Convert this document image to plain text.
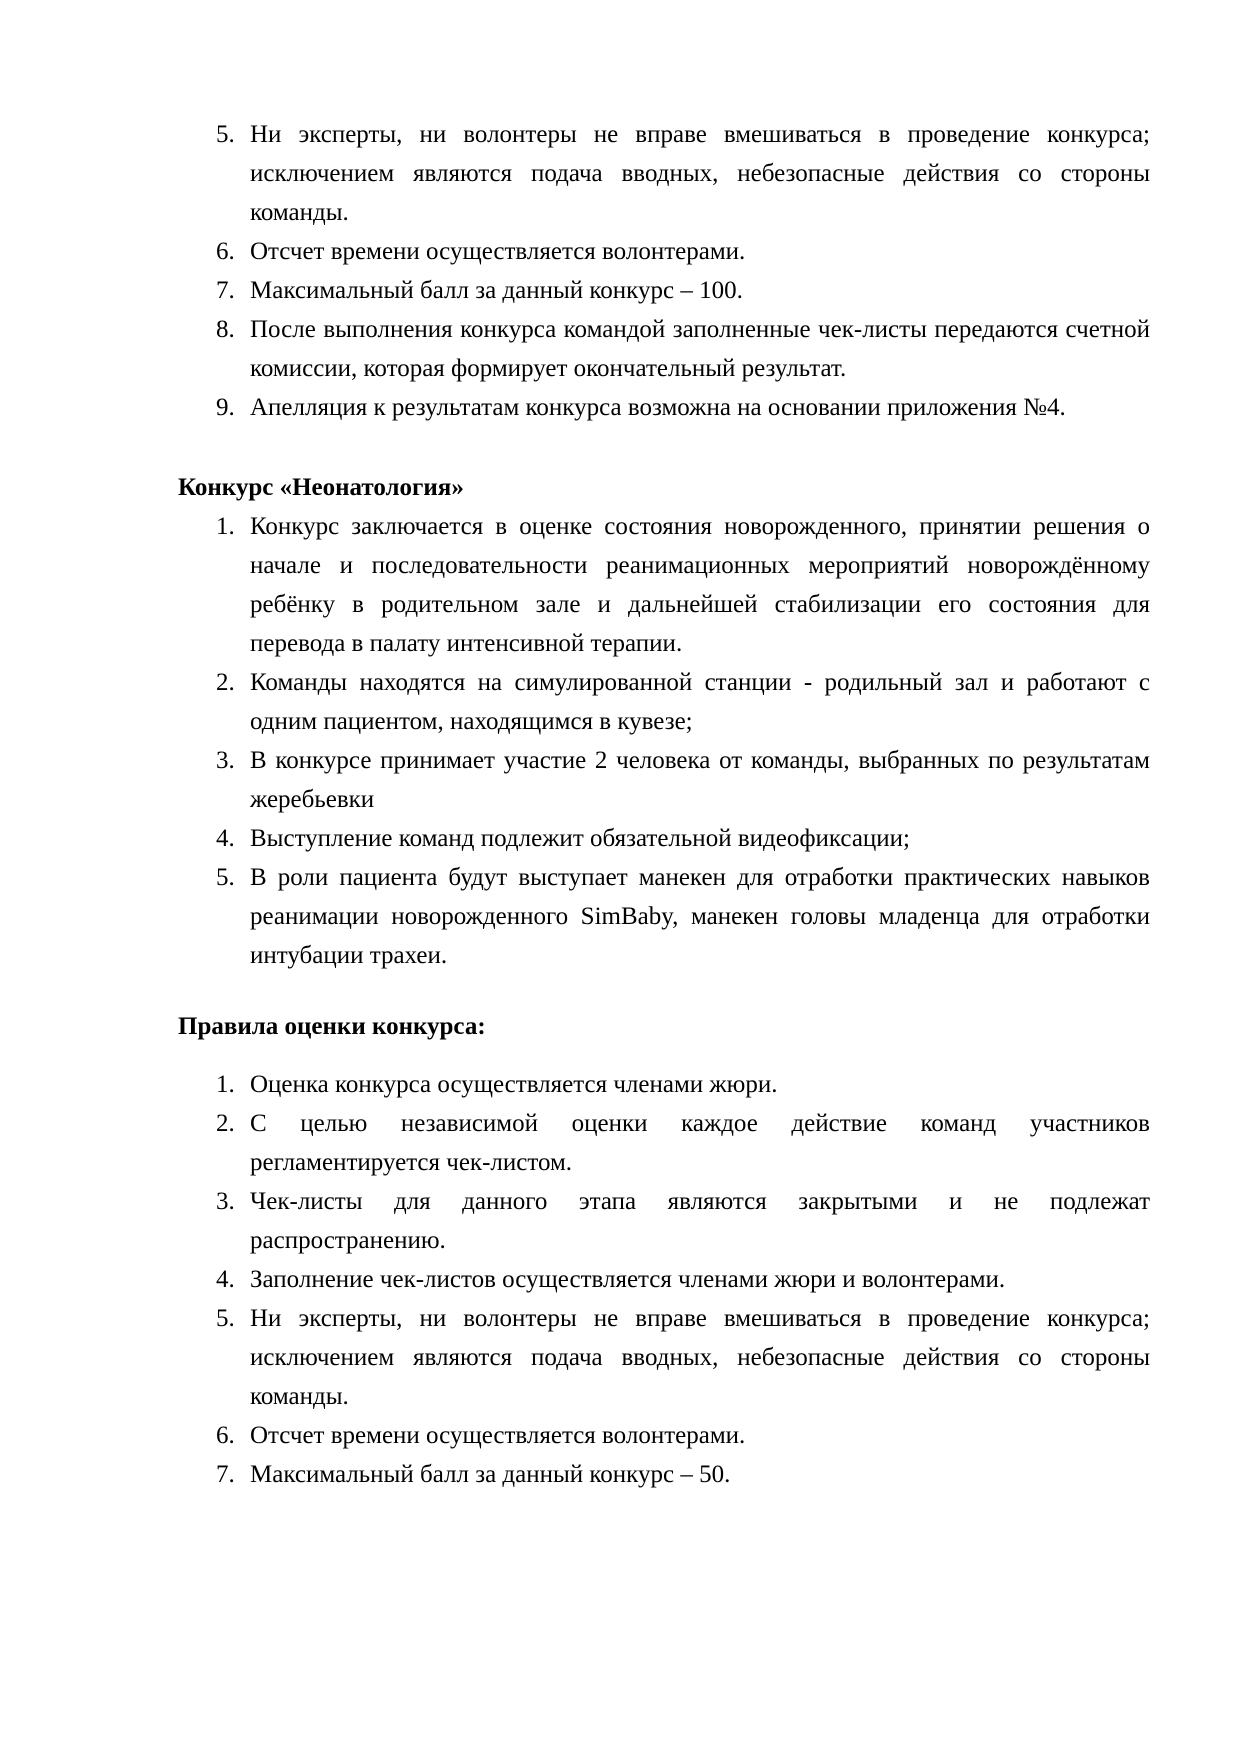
5. Ни эксперты, ни волонтеры не вправе вмешиваться в проведение конкурса; исключением являются подача вводных, небезопасные действия со стороны команды.
6. Отсчет времени осуществляется волонтерами.
7. Максимальный балл за данный конкурс – 100.
8. После выполнения конкурса командой заполненные чек-листы передаются счетной комиссии, которая формирует окончательный результат.
9. Апелляция к результатам конкурса возможна на основании приложения №4.
Конкурс «Неонатология»
1. Конкурс заключается в оценке состояния новорожденного, принятии решения о начале и последовательности реанимационных мероприятий новорождённому ребёнку в родительном зале и дальнейшей стабилизации его состояния для перевода в палату интенсивной терапии.
2. Команды находятся на симулированной станции - родильный зал и работают с одним пациентом, находящимся в кувезе;
3. В конкурсе принимает участие 2 человека от команды, выбранных по результатам жеребьевки
4. Выступление команд подлежит обязательной видеофиксации;
5. В роли пациента будут выступает манекен для отработки практических навыков реанимации новорожденного SimBaby, манекен головы младенца для отработки интубации трахеи.
Правила оценки конкурса:
1. Оценка конкурса осуществляется членами жюри.
2. С целью независимой оценки каждое действие команд участников регламентируется чек-листом.
3. Чек-листы для данного этапа являются закрытыми и не подлежат распространению.
4. Заполнение чек-листов осуществляется членами жюри и волонтерами.
5. Ни эксперты, ни волонтеры не вправе вмешиваться в проведение конкурса; исключением являются подача вводных, небезопасные действия со стороны команды.
6. Отсчет времени осуществляется волонтерами.
7. Максимальный балл за данный конкурс – 50.
